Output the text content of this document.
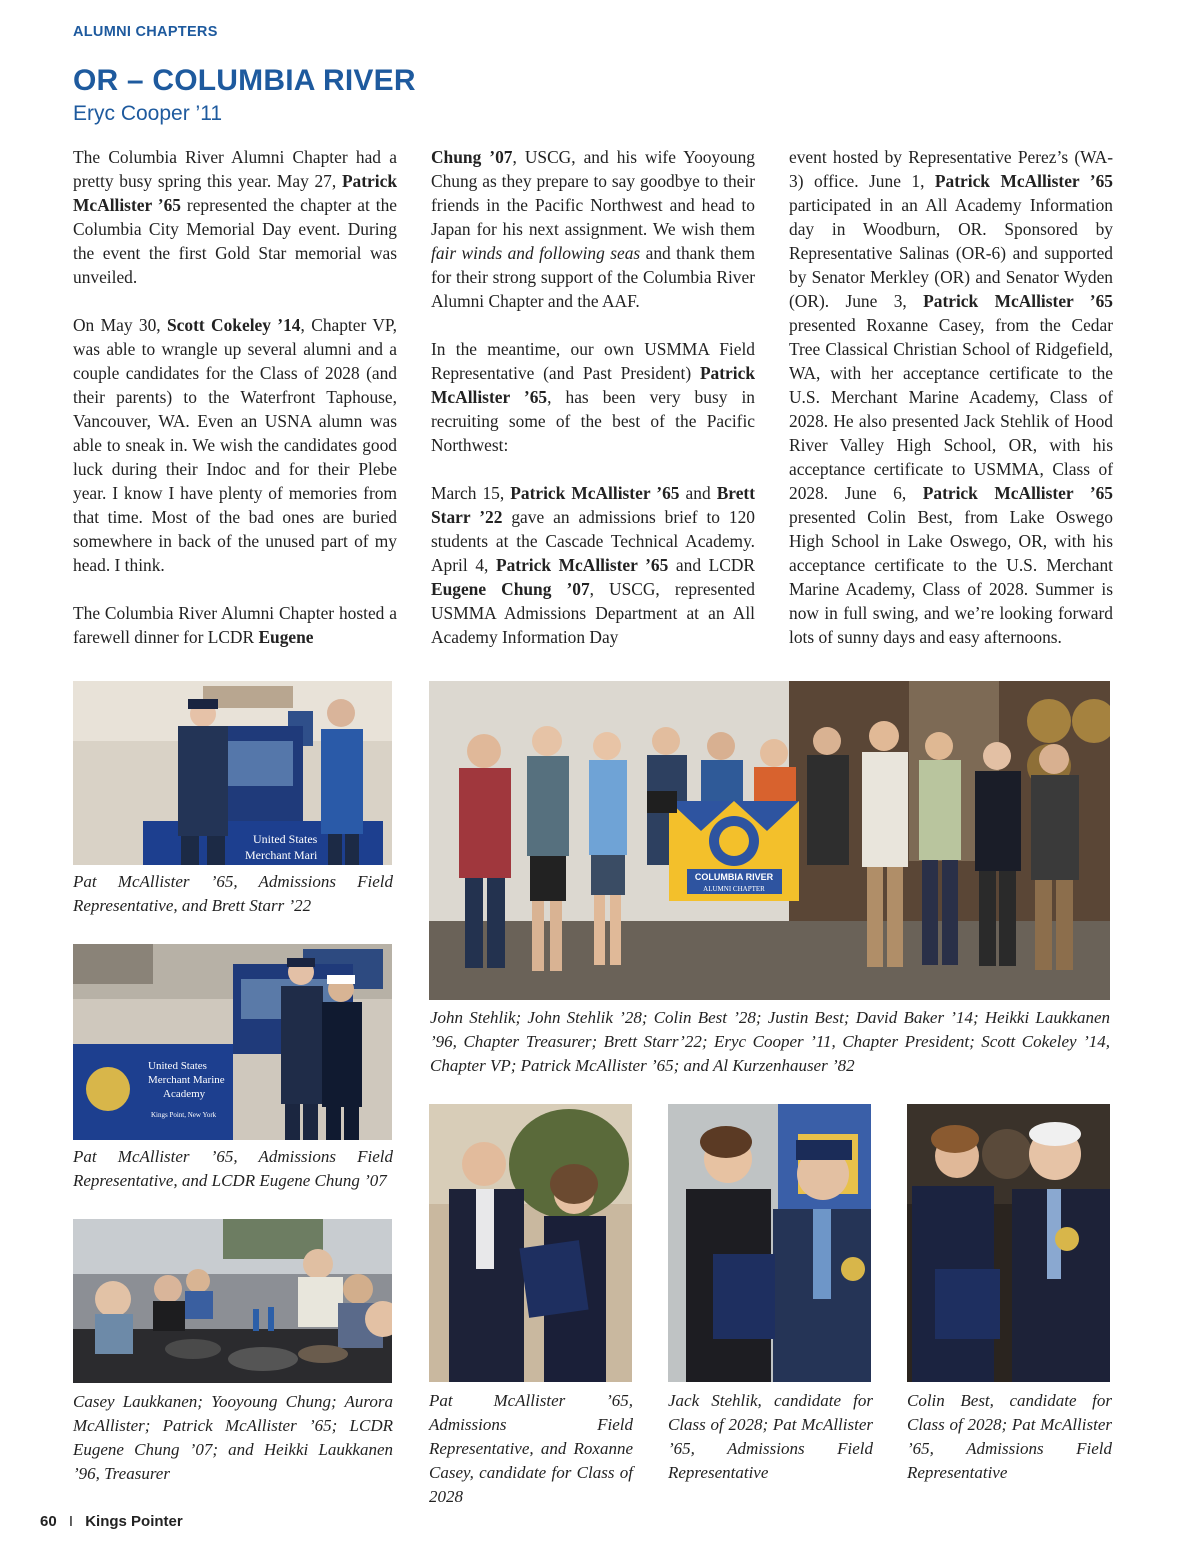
ALUMNI CHAPTERS
OR – COLUMBIA RIVER
Eryc Cooper ’11

The Columbia River Alumni Chapter had a pretty busy spring this year. May 27, Patrick McAllister ’65 represented the chapter at the Columbia City Memorial Day event. During the event the first Gold Star memorial was unveiled.

On May 30, Scott Cokeley ’14, Chapter VP, was able to wrangle up several alumni and a couple candidates for the Class of 2028 (and their parents) to the Waterfront Taphouse, Vancouver, WA. Even an USNA alumn was able to sneak in. We wish the candidates good luck during their Indoc and for their Plebe year. I know I have plenty of memories from that time. Most of the bad ones are buried somewhere in back of the unused part of my head. I think.

The Columbia River Alumni Chapter hosted a farewell dinner for LCDR Eugene

Chung ’07, USCG, and his wife Yooyoung Chung as they prepare to say goodbye to their friends in the Pacific Northwest and head to Japan for his next assignment. We wish them fair winds and following seas and thank them for their strong support of the Columbia River Alumni Chapter and the AAF.

In the meantime, our own USMMA Field Representative (and Past President) Patrick McAllister ’65, has been very busy in recruiting some of the best of the Pacific Northwest:

March 15, Patrick McAllister ’65 and Brett Starr ’22 gave an admissions brief to 120 students at the Cascade Technical Academy. April 4, Patrick McAllister ’65 and LCDR Eugene Chung ’07, USCG, represented USMMA Admissions Department at an All Academy Information Day

event hosted by Representative Perez’s (WA-3) office. June 1, Patrick McAllister ’65 participated in an All Academy Information day in Woodburn, OR. Sponsored by Representative Salinas (OR-6) and supported by Senator Merkley (OR) and Senator Wyden (OR). June 3, Patrick McAllister ’65 presented Roxanne Casey, from the Cedar Tree Classical Christian School of Ridgefield, WA, with her acceptance certificate to the U.S. Merchant Marine Academy, Class of 2028. He also presented Jack Stehlik of Hood River Valley High School, OR, with his acceptance certificate to USMMA, Class of 2028. June 6, Patrick McAllister ’65 presented Colin Best, from Lake Oswego High School in Lake Oswego, OR, with his acceptance certificate to the U.S. Merchant Marine Academy, Class of 2028. Summer is now in full swing, and we’re looking forward lots of sunny days and easy afternoons.

United States
Merchant Mari
Pat McAllister ’65, Admissions Field Representative, and Brett Starr ’22
United States
Merchant Marine
Academy
Kings Point, New York
Pat McAllister ’65, Admissions Field Representative, and LCDR Eugene Chung ’07
Casey Laukkanen; Yooyoung Chung; Aurora McAllister; Patrick McAllister ’65; LCDR Eugene Chung ’07; and Heikki Laukkanen ’96, Treasurer
COLUMBIA RIVER
ALUMNI CHAPTER
John Stehlik; John Stehlik ’28; Colin Best ’28; Justin Best; David Baker ’14; Heikki Laukkanen ’96, Chapter Treasurer; Brett Starr’22; Eryc Cooper ’11, Chapter President; Scott Cokeley ’14, Chapter VP; Patrick McAllister ’65; and Al Kurzenhauser ’82
Pat McAllister ’65, Admissions Field Representative, and Roxanne Casey, candidate for Class of 2028
Jack Stehlik, candidate for Class of 2028; Pat McAllister ’65, Admissions Field Representative
Colin Best, candidate for Class of 2028; Pat McAllister ’65, Admissions Field Representative
60 I Kings Pointer
